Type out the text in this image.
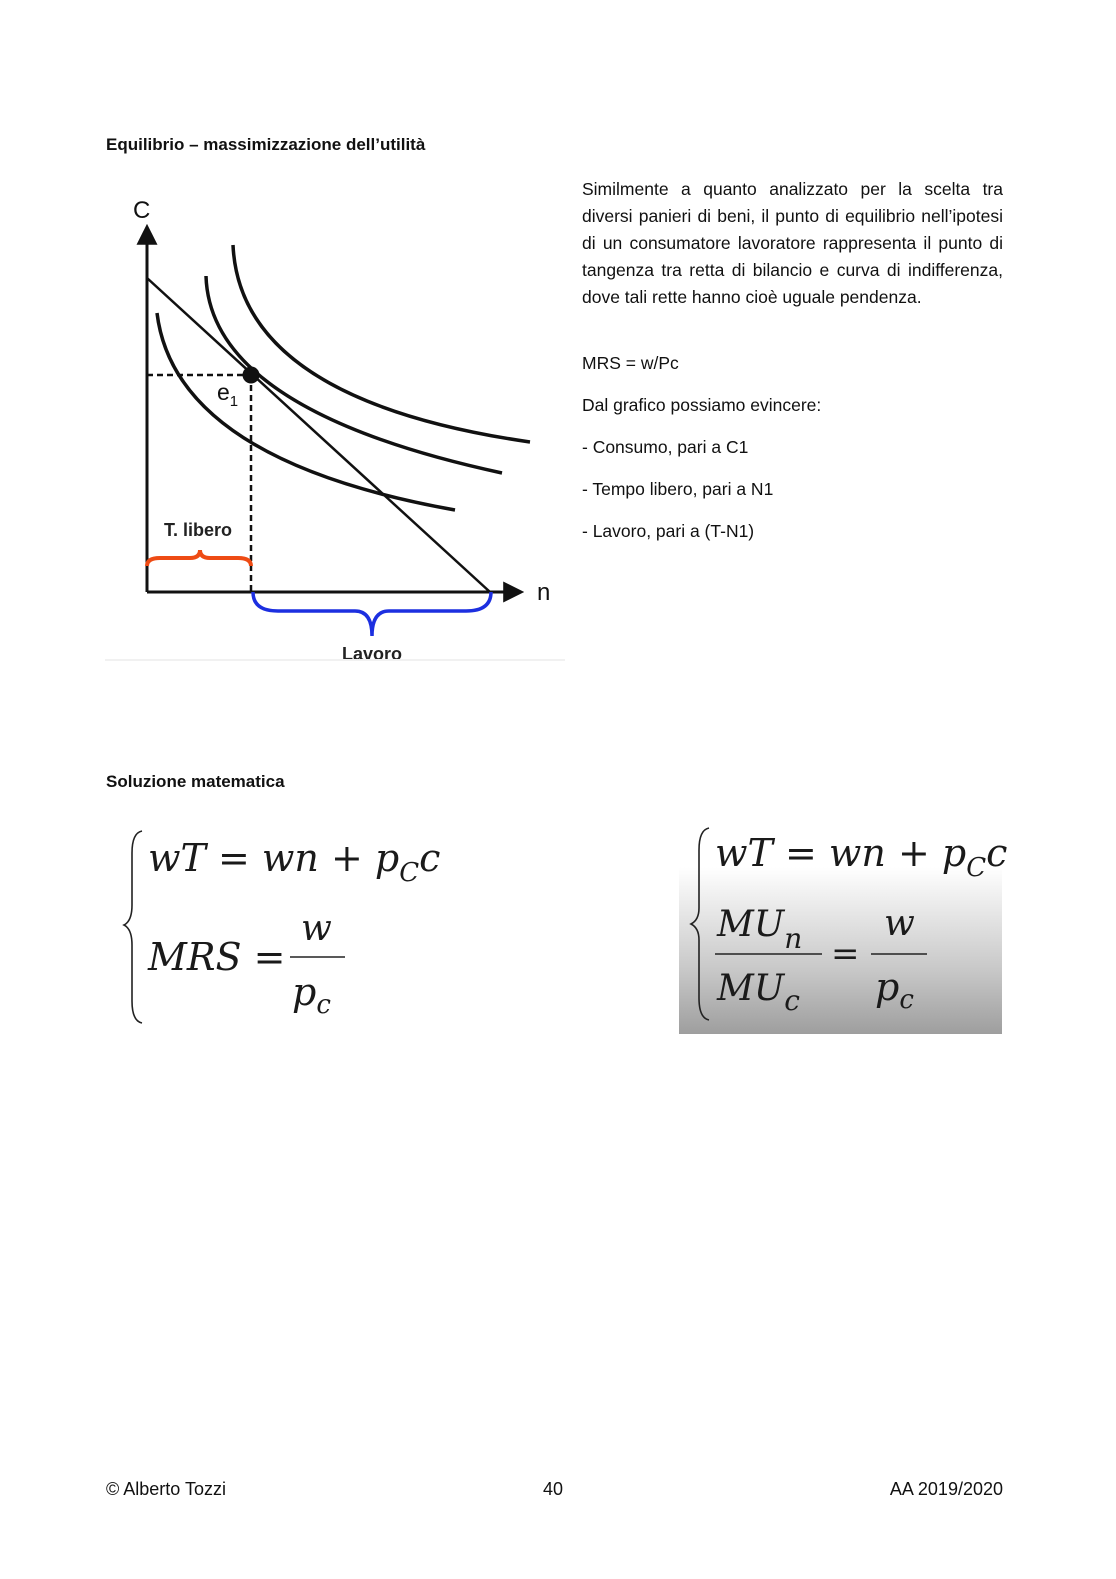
Equilibrio – massimizzazione dell’utilità
C
n
$e_1$
T. libero
Lavoro
Similmente a quanto analizzato per la scelta tra diversi panieri di beni, il punto di equilibrio nell’ipotesi di un consumatore lavoratore rappresenta il punto di tangenza tra retta di bilancio e curva di indifferenza, dove tali rette hanno cioè uguale pendenza.
MRS = w/Pc
Dal grafico possiamo evincere:
- Consumo, pari a C1
- Tempo libero, pari a N1
- Lavoro, pari a (T-N1)
Soluzione matematica
wT = wn + $p_Cc$
MRS =
w
$p_c$
wT = wn + $p_Cc$
$MU_n$
$MU_c$
=
w
$p_c$
© Alberto Tozzi	40	AA 2019/2020
